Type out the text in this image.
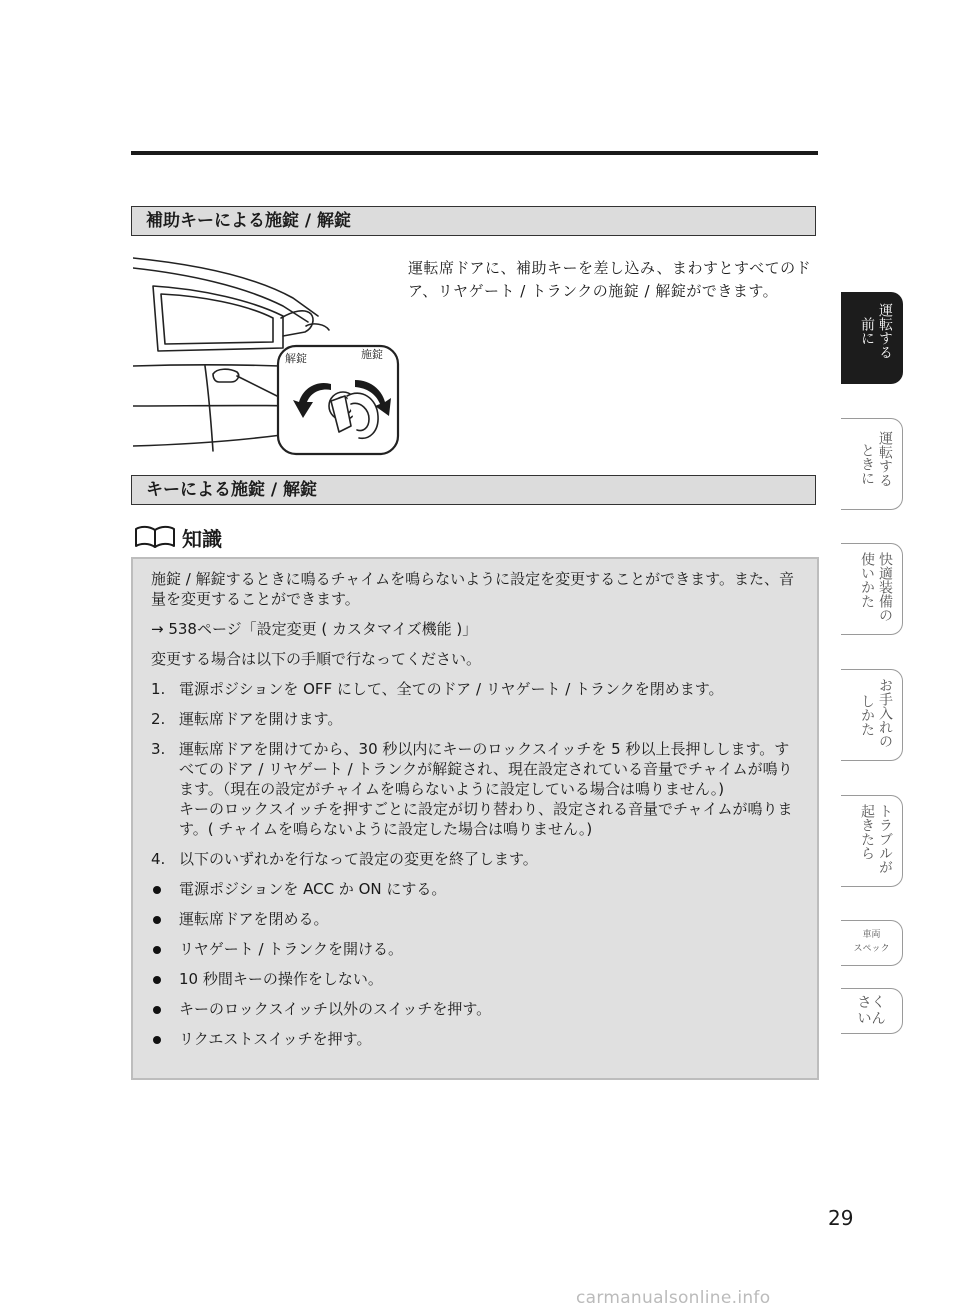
補助キーによる施錠 / 解錠
解錠	施錠
運転席ドアに、補助キーを差し込み、まわすとすべてのドア、リヤゲート / トランクの施錠 / 解錠ができます。
キーによる施錠 / 解錠
知識

施錠 / 解錠するときに鳴るチャイムを鳴らないように設定を変更することができます。また、音量を変更することができます。

→ 538ページ「設定変更 ( カスタマイズ機能 )」

変更する場合は以下の手順で行なってください。

1. 電源ポジションを OFF にして、全てのドア / リヤゲート / トランクを閉めます。
2. 運転席ドアを開けます。
3. 運転席ドアを開けてから、30 秒以内にキーのロックスイッチを 5 秒以上長押しします。すべてのドア / リヤゲート / トランクが解錠され、現在設定されている音量でチャイムが鳴ります。（現在の設定がチャイムを鳴らないように設定している場合は鳴りません。)
キーのロックスイッチを押すごとに設定が切り替わり、設定される音量でチャイムが鳴ります。( チャイムを鳴らないように設定した場合は鳴りません。)
4. 以下のいずれかを行なって設定の変更を終了します。
電源ポジションを ACC か ON にする。
運転席ドアを閉める。
リヤゲート / トランクを開ける。
10 秒間キーの操作をしない。
キーのロックスイッチ以外のスイッチを押す。
リクエストスイッチを押す。
運転する
前に
運転する
ときに
快適装備の
使いかた
お手入れの
しかた
トラブルが
起きたら
車両
スペック
さく
いん
29
carmanualsonline.info
